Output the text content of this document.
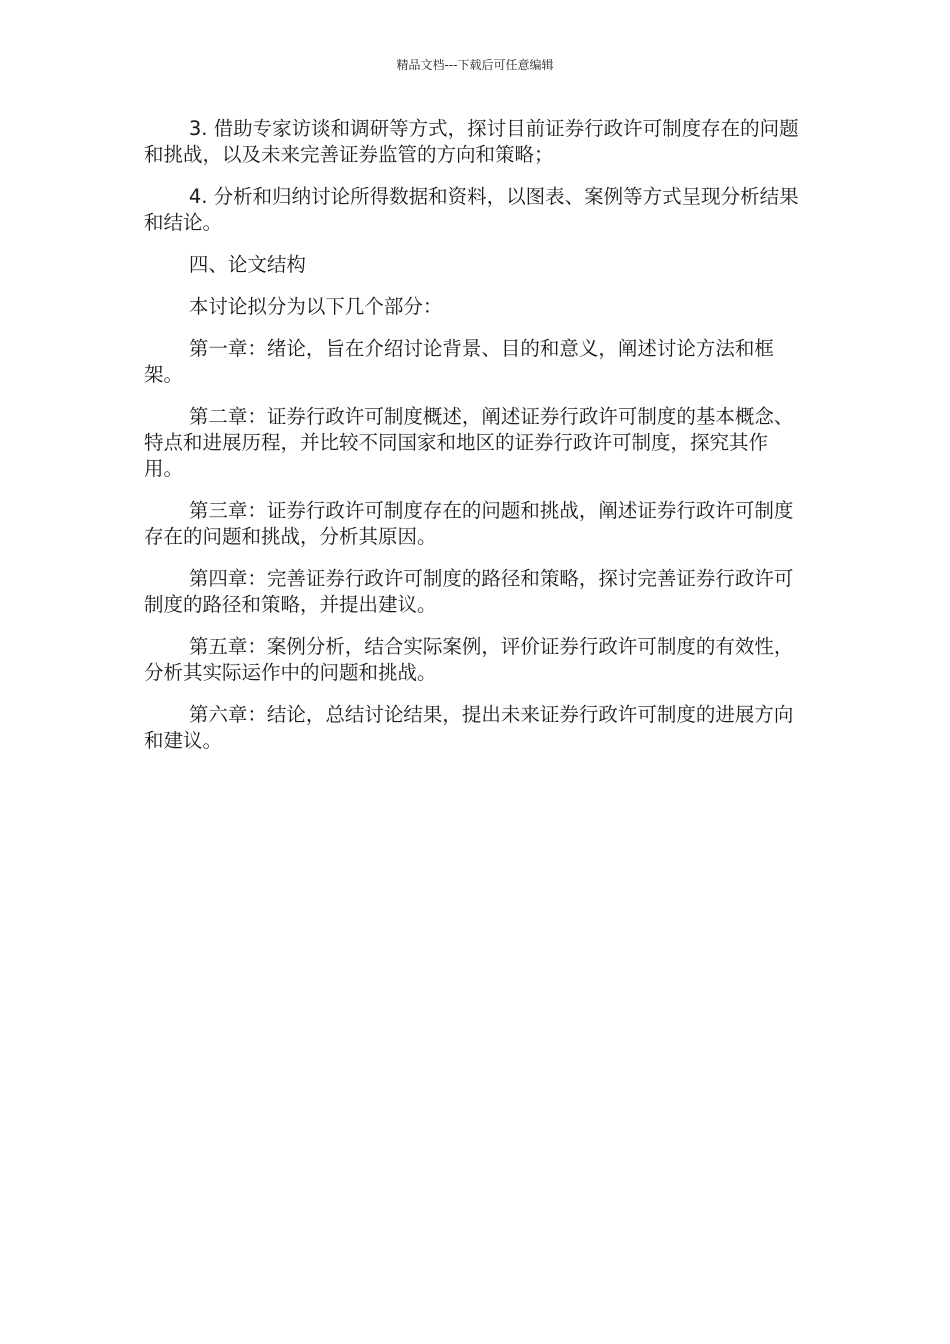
精品文档---下载后可任意编辑

3. 借助专家访谈和调研等方式，探讨目前证券行政许可制度存在的问题和挑战，以及未来完善证券监管的方向和策略；

4. 分析和归纳讨论所得数据和资料，以图表、案例等方式呈现分析结果和结论。

四、论文结构

本讨论拟分为以下几个部分：

第一章：绪论，旨在介绍讨论背景、目的和意义，阐述讨论方法和框架。

第二章：证券行政许可制度概述，阐述证券行政许可制度的基本概念、特点和进展历程，并比较不同国家和地区的证券行政许可制度，探究其作用。

第三章：证券行政许可制度存在的问题和挑战，阐述证券行政许可制度存在的问题和挑战，分析其原因。

第四章：完善证券行政许可制度的路径和策略，探讨完善证券行政许可制度的路径和策略，并提出建议。

第五章：案例分析，结合实际案例，评价证券行政许可制度的有效性，分析其实际运作中的问题和挑战。

第六章：结论，总结讨论结果，提出未来证券行政许可制度的进展方向和建议。
